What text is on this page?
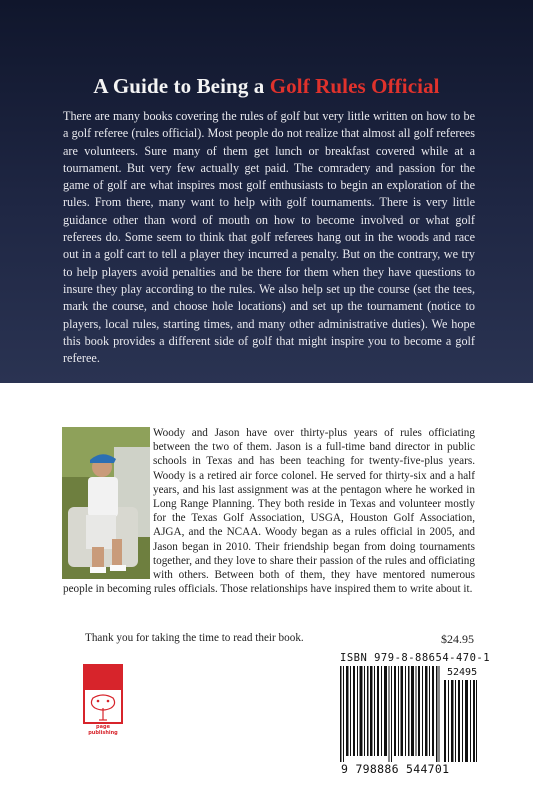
A Guide to Being a Golf Rules Official

There are many books covering the rules of golf but very little written on how to be a golf referee (rules official). Most people do not realize that almost all golf referees are volunteers. Sure many of them get lunch or breakfast covered while at a tournament. But very few actually get paid. The comradery and passion for the game of golf are what inspires most golf enthusiasts to begin an exploration of the rules. From there, many want to help with golf tournaments. There is very little guidance other than word of mouth on how to become involved or what golf referees do. Some seem to think that golf referees hang out in the woods and race out in a golf cart to tell a player they incurred a penalty. But on the contrary, we try to help players avoid penalties and be there for them when they have questions to insure they play according to the rules. We also help set up the course (set the tees, mark the course, and choose hole locations) and set up the tournament (notice to players, local rules, starting times, and many other administrative duties). We hope this book provides a different side of golf that might inspire you to become a golf referee.

Woody and Jason have over thirty-plus years of rules officiating between the two of them. Jason is a full-time band director in public schools in Texas and has been teaching for twenty-five-plus years. Woody is a retired air force colonel. He served for thirty-six and a half years, and his last assignment was at the pentagon where he worked in Long Range Planning. They both reside in Texas and volunteer mostly for the Texas Golf Association, USGA, Houston Golf Association, AJGA, and the NCAA. Woody began as a rules official in 2005, and Jason began in 2010. Their friendship began from doing tournaments together, and they love to share their passion of the rules and officiating with others. Between both of them, they have mentored numerous people in becoming rules officials. Those relationships have inspired them to write about it.
Thank you for taking the time to read their book.	$24.95
ISBN 979-8-88654-470-1
52495
9 798886 544701
page publishing
